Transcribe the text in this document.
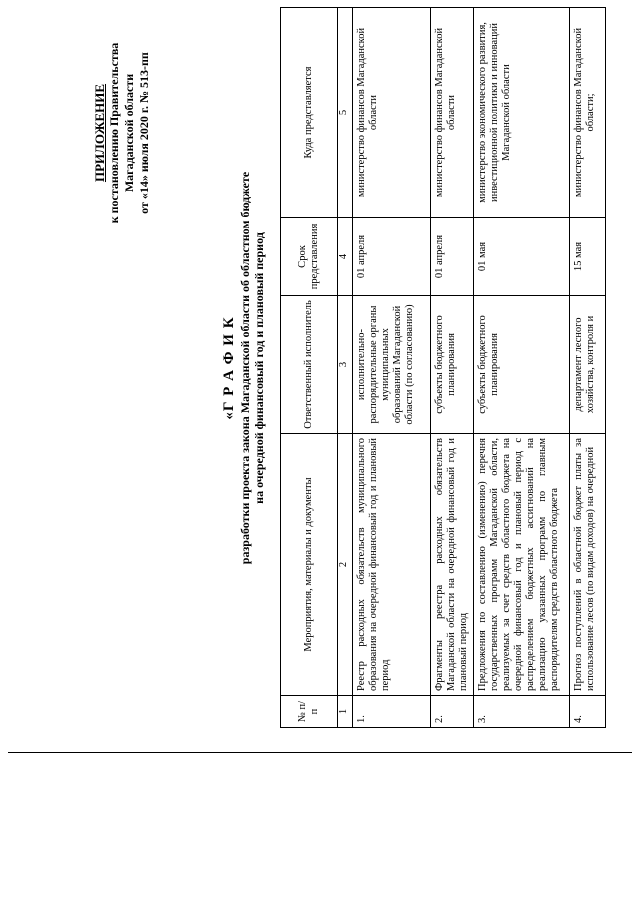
ПРИЛОЖЕНИЕ к постановлению Правительства Магаданской области от «14» июля 2020 г. № 513-пп
«Г Р А Ф И К разработки проекта закона Магаданской области об областном бюджете на очередной финансовый год и плановый период
№ п/п	Мероприятия, материалы и документы	Ответственный исполнитель	Срок представления	Куда представляется
1	2	3	4	5
1.	Реестр расходных обязательств муниципального образования на очередной финансовый год и плановый период	исполнительно-распорядительные органы муниципальных образований Магаданской области (по согласованию)	01 апреля	министерство финансов Магаданской области
2.	Фрагменты реестра расходных обязательств Магаданской области на очередной финансовый год и плановый период	субъекты бюджетного планирования	01 апреля	министерство финансов Магаданской области
3.	Предложения по составлению (изменению) перечня государственных программ Магаданской области, реализуемых за счет средств областного бюджета на очередной финансовый год и плановый период с распределением бюджетных ассигнований на реализацию указанных программ по главным распорядителям средств областного бюджета	субъекты бюджетного планирования	01 мая	министерство экономического развития, инвестиционной политики и инноваций Магаданской области
4.	Прогноз поступлений в областной бюджет платы за использование лесов (по видам доходов) на очередной	департамент лесного хозяйства, контроля и	15 мая	министерство финансов Магаданской области;
